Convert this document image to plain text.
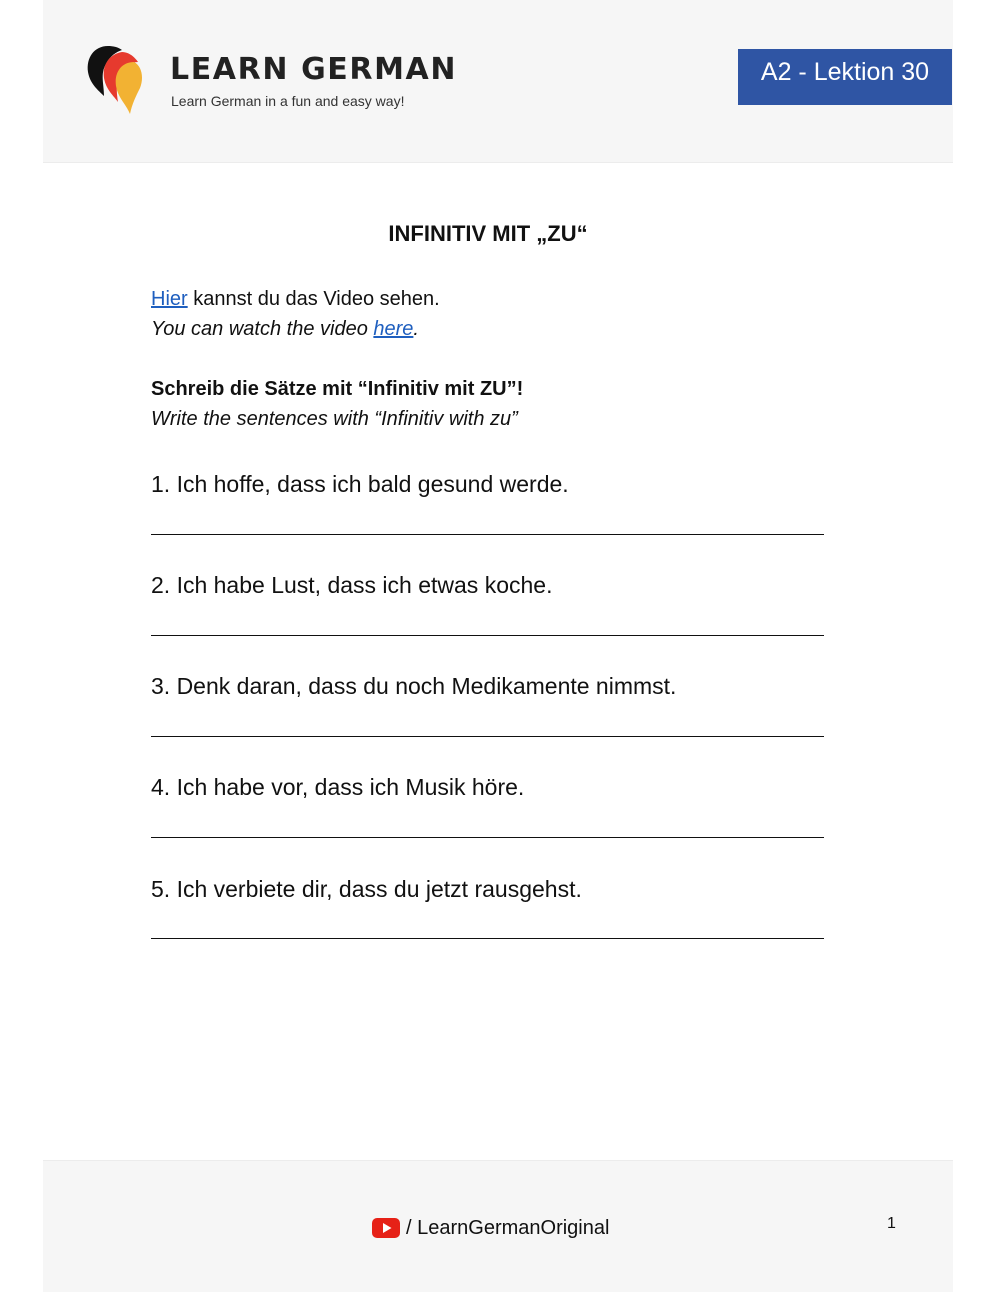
LEARN GERMAN
Learn German in a fun and easy way!
A2 - Lektion 30
INFINITIV MIT „ZU“
Hier kannst du das Video sehen.
You can watch the video here.
Schreib die Sätze mit “Infinitiv mit ZU”!
Write the sentences with “Infinitiv with zu”
1. Ich hoffe, dass ich bald gesund werde.
2. Ich habe Lust, dass ich etwas koche.
3. Denk daran, dass du noch Medikamente nimmst.
4. Ich habe vor, dass ich Musik höre.
5. Ich verbiete dir, dass du jetzt rausgehst.
/ LearnGermanOriginal	1
